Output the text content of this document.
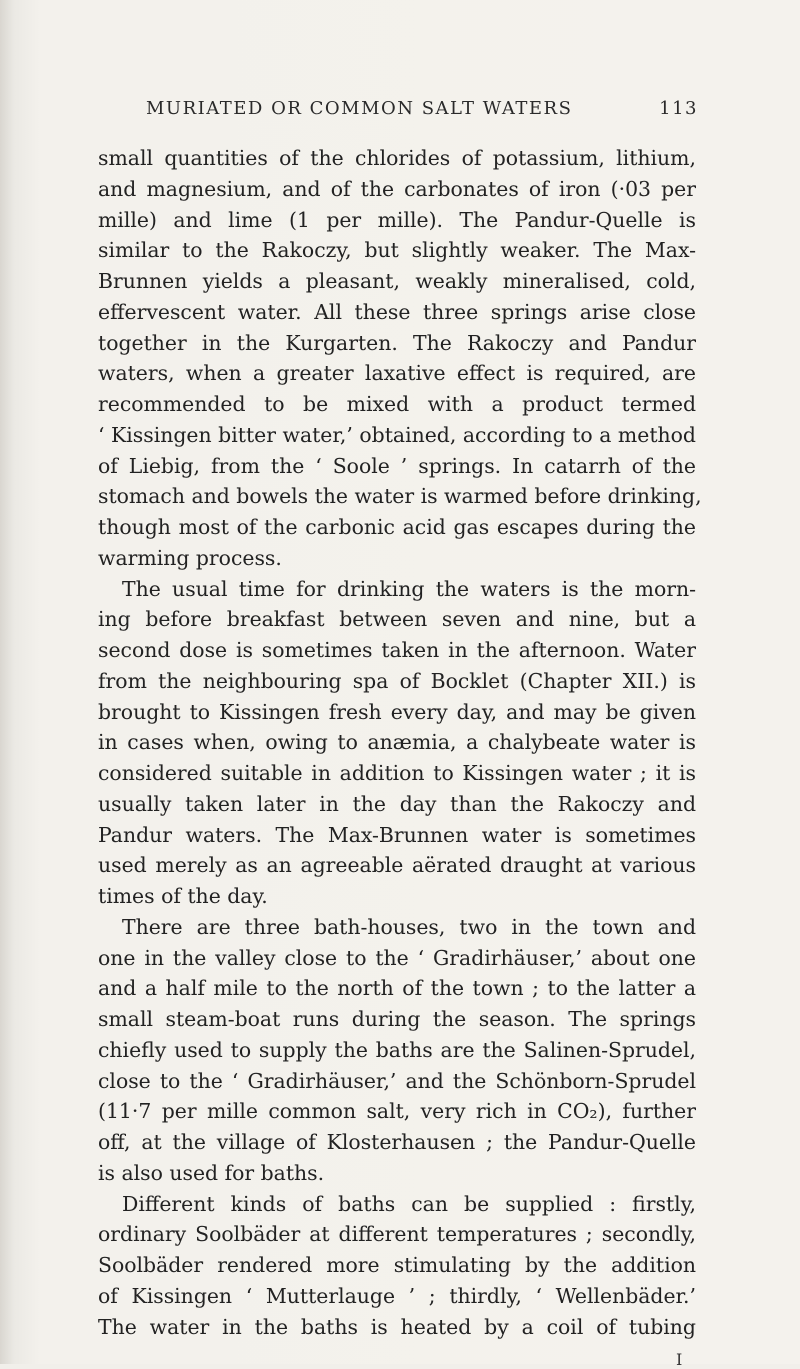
MURIATED OR COMMON SALT WATERS	113
small quantities of the chlorides of potassium, lithium,
and magnesium, and of the carbonates of iron (·03 per
mille) and lime (1 per mille). The Pandur-Quelle is
similar to the Rakoczy, but slightly weaker. The Max-
Brunnen yields a pleasant, weakly mineralised, cold,
effervescent water. All these three springs arise close
together in the Kurgarten. The Rakoczy and Pandur
waters, when a greater laxative effect is required, are
recommended to be mixed with a product termed
‘ Kissingen bitter water,’ obtained, according to a method
of Liebig, from the ‘ Soole ’ springs. In catarrh of the
stomach and bowels the water is warmed before drinking,
though most of the carbonic acid gas escapes during the
warming process.
The usual time for drinking the waters is the morn-
ing before breakfast between seven and nine, but a
second dose is sometimes taken in the afternoon. Water
from the neighbouring spa of Bocklet (Chapter XII.) is
brought to Kissingen fresh every day, and may be given
in cases when, owing to anæmia, a chalybeate water is
considered suitable in addition to Kissingen water ; it is
usually taken later in the day than the Rakoczy and
Pandur waters. The Max-Brunnen water is sometimes
used merely as an agreeable aërated draught at various
times of the day.
There are three bath-houses, two in the town and
one in the valley close to the ‘ Gradirhäuser,’ about one
and a half mile to the north of the town ; to the latter a
small steam-boat runs during the season. The springs
chiefly used to supply the baths are the Salinen-Sprudel,
close to the ‘ Gradirhäuser,’ and the Schönborn-Sprudel
(11·7 per mille common salt, very rich in CO₂), further
off, at the village of Klosterhausen ; the Pandur-Quelle
is also used for baths.
Different kinds of baths can be supplied : firstly,
ordinary Soolbäder at different temperatures ; secondly,
Soolbäder rendered more stimulating by the addition
of Kissingen ‘ Mutterlauge ’ ; thirdly, ‘ Wellenbäder.’
The water in the baths is heated by a coil of tubing
I
